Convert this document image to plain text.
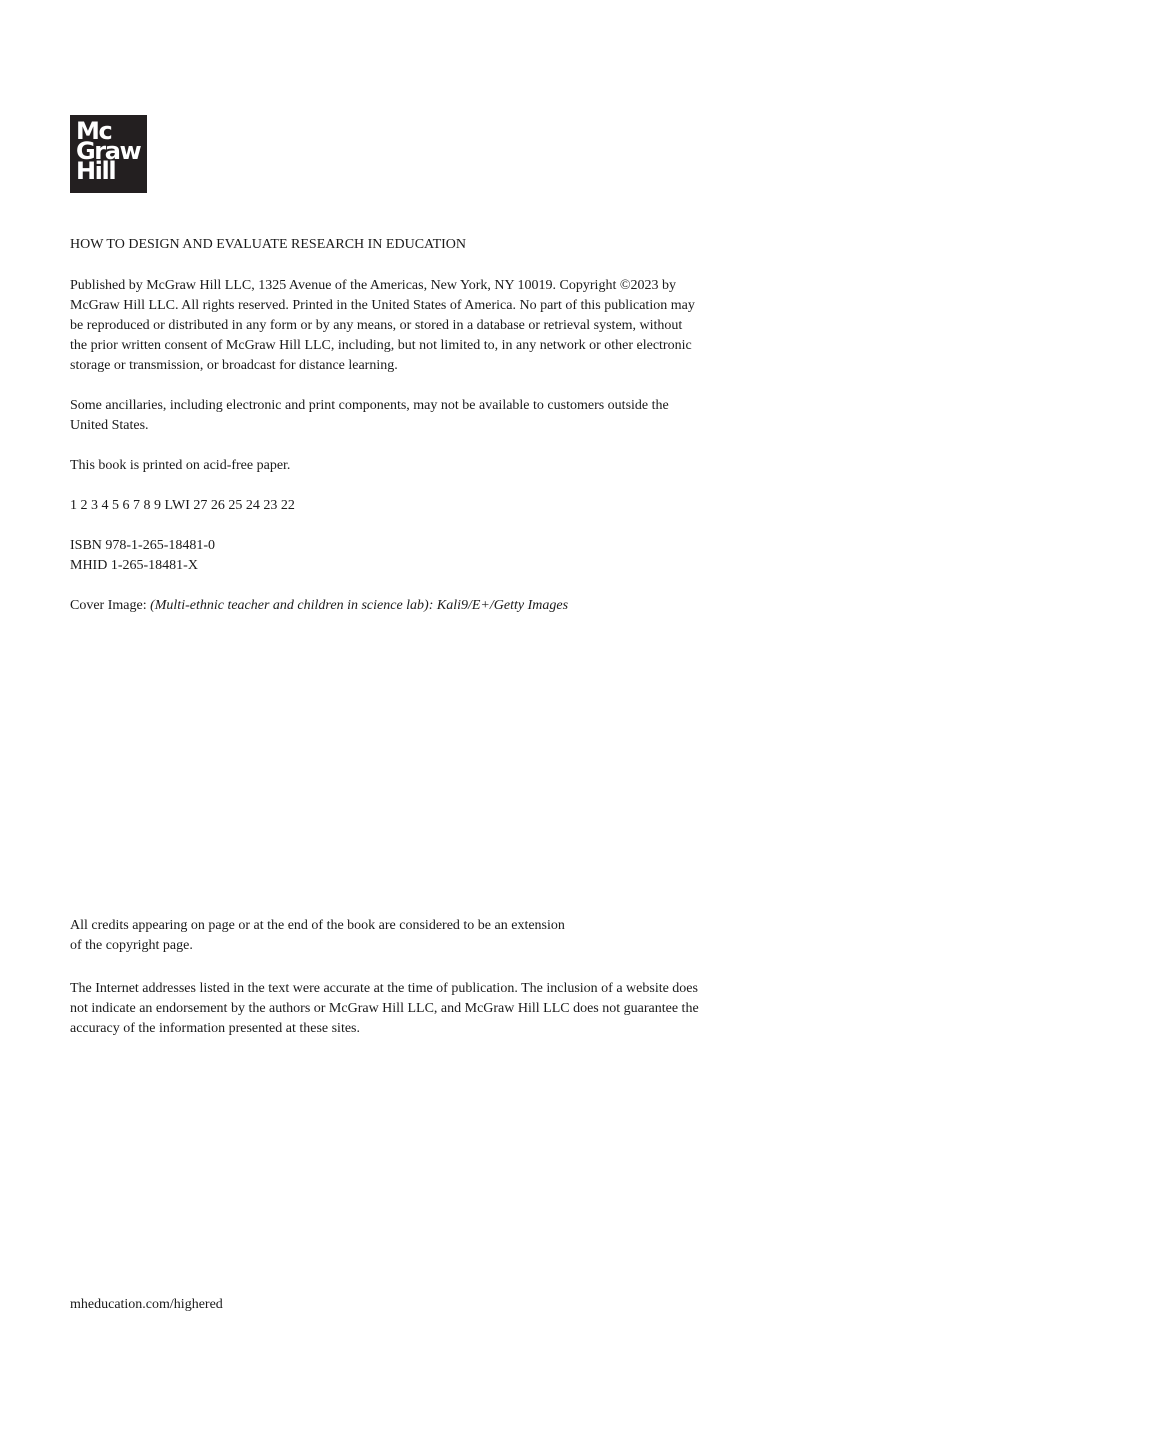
Mc
Graw
Hill

HOW TO DESIGN AND EVALUATE RESEARCH IN EDUCATION

Published by McGraw Hill LLC, 1325 Avenue of the Americas, New York, NY 10019. Copyright ©2023 by
McGraw Hill LLC. All rights reserved. Printed in the United States of America. No part of this publication may
be reproduced or distributed in any form or by any means, or stored in a database or retrieval system, without
the prior written consent of McGraw Hill LLC, including, but not limited to, in any network or other electronic
storage or transmission, or broadcast for distance learning.

Some ancillaries, including electronic and print components, may not be available to customers outside the
United States.

This book is printed on acid-free paper.

1 2 3 4 5 6 7 8 9 LWI 27 26 25 24 23 22

ISBN 978-1-265-18481-0
MHID 1-265-18481-X

Cover Image: (Multi-ethnic teacher and children in science lab): Kali9/E+/Getty Images

All credits appearing on page or at the end of the book are considered to be an extension
of the copyright page.

The Internet addresses listed in the text were accurate at the time of publication. The inclusion of a website does
not indicate an endorsement by the authors or McGraw Hill LLC, and McGraw Hill LLC does not guarantee the
accuracy of the information presented at these sites.

mheducation.com/highered
